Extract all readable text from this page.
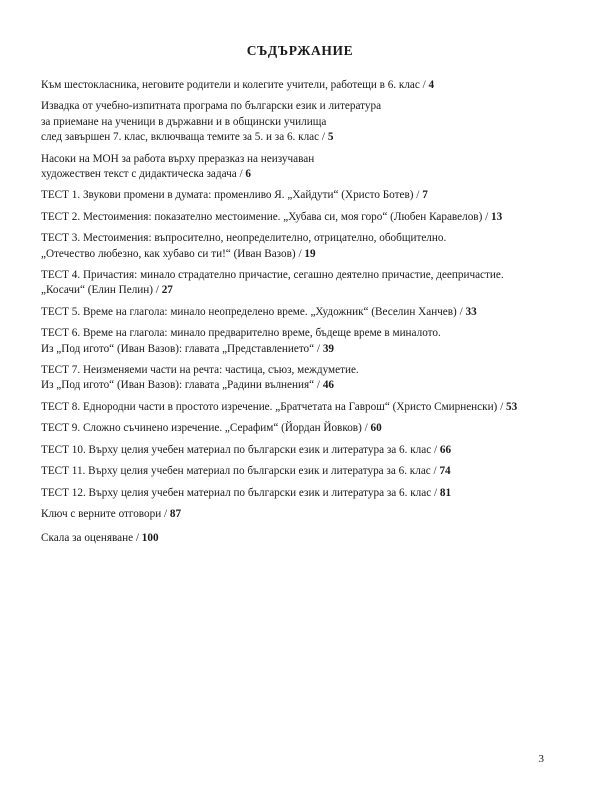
СЪДЪРЖАНИЕ
Към шестокласника, неговите родители и колегите учители, работещи в 6. клас / 4
Извадка от учебно-изпитната програма по български език и литература
за приемане на ученици в държавни и в общински училища
след завършен 7. клас, включваща темите за 5. и за 6. клас / 5
Насоки на МОН за работа върху преразказ на неизучаван
художествен текст с дидактическа задача / 6
ТЕСТ 1. Звукови промени в думата: променливо Я. „Хайдути“ (Христо Ботев) / 7
ТЕСТ 2. Местоимения: показателно местоимение. „Хубава си, моя горо“ (Любен Каравелов) / 13
ТЕСТ 3. Местоимения: въпросително, неопределително, отрицателно, обобщително.
„Отечество любезно, как хубаво си ти!“ (Иван Вазов) / 19
ТЕСТ 4. Причастия: минало страдателно причастие, сегашно деятелно причастие, деепричастие.
„Косачи“ (Елин Пелин) / 27
ТЕСТ 5. Време на глагола: минало неопределено време. „Художник“ (Веселин Ханчев) / 33
ТЕСТ 6. Време на глагола: минало предварително време, бъдеще време в миналото.
Из „Под игото“ (Иван Вазов): главата „Представлението“ / 39
ТЕСТ 7. Неизменяеми части на речта: частица, съюз, междуметие.
Из „Под игото“ (Иван Вазов): главата „Радини вълнения“ / 46
ТЕСТ 8. Еднородни части в простото изречение. „Братчетата на Гаврош“ (Христо Смирненски) / 53
ТЕСТ 9. Сложно съчинено изречение. „Серафим“ (Йордан Йовков) / 60
ТЕСТ 10. Върху целия учебен материал по български език и литература за 6. клас / 66
ТЕСТ 11. Върху целия учебен материал по български език и литература за 6. клас / 74
ТЕСТ 12. Върху целия учебен материал по български език и литература за 6. клас / 81
Ключ с верните отговори / 87
Скала за оценяване / 100
3
